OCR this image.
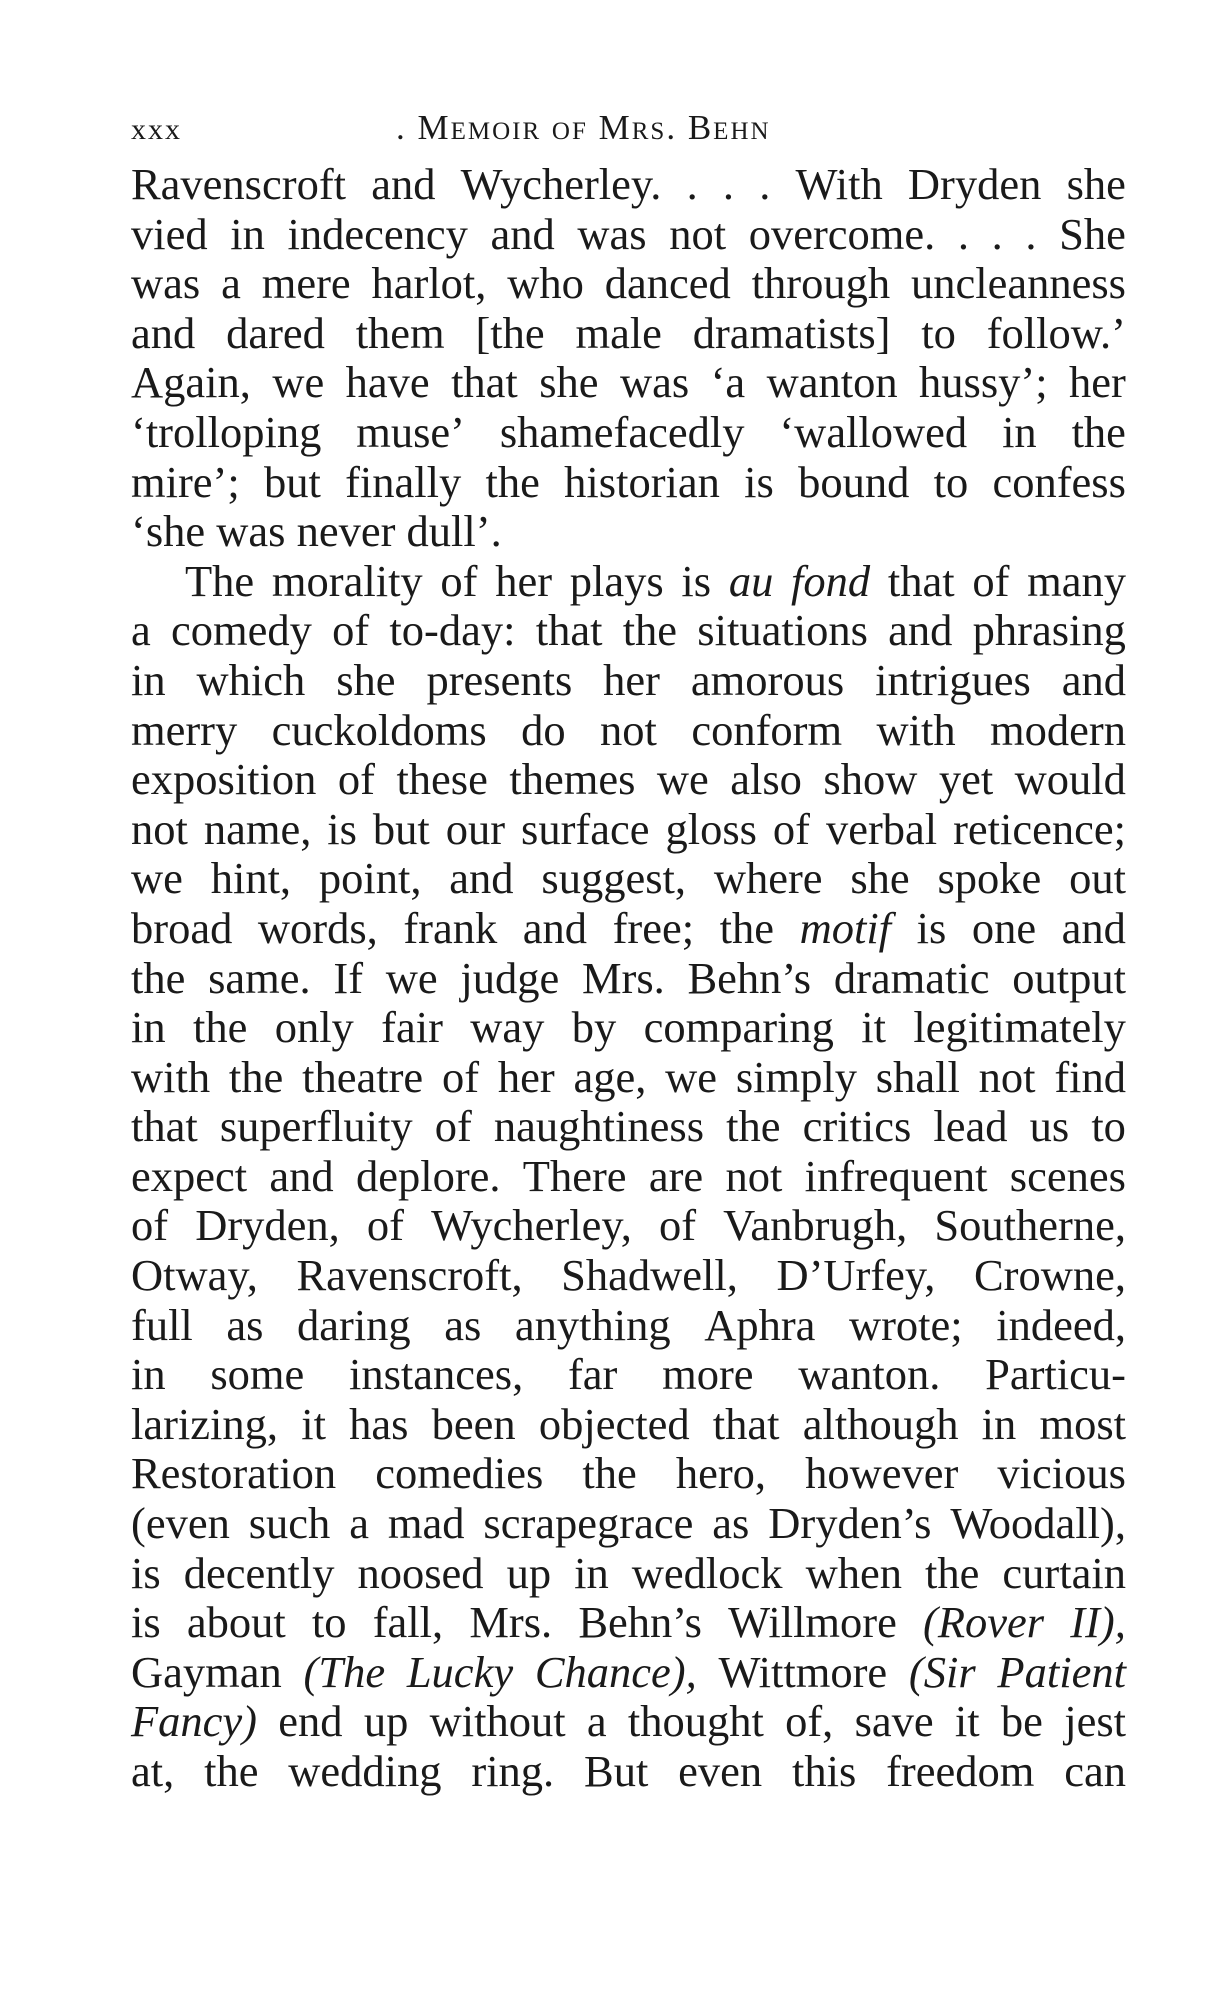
xxx	. Memoir of Mrs. Behn
Ravenscroft and Wycherley. . . . With Dryden she
vied in indecency and was not overcome. . . . She
was a mere harlot, who danced through uncleanness
and dared them [the male dramatists] to follow.’
Again, we have that she was ‘a wanton hussy’; her
‘trolloping muse’ shamefacedly ‘wallowed in the
mire’; but finally the historian is bound to confess
‘she was never dull’.
The morality of her plays is au fond that of many
a comedy of to-day: that the situations and phrasing
in which she presents her amorous intrigues and
merry cuckoldoms do not conform with modern
exposition of these themes we also show yet would
not name, is but our surface gloss of verbal reticence;
we hint, point, and suggest, where she spoke out
broad words, frank and free; the motif is one and
the same. If we judge Mrs. Behn’s dramatic output
in the only fair way by comparing it legitimately
with the theatre of her age, we simply shall not find
that superfluity of naughtiness the critics lead us to
expect and deplore. There are not infrequent scenes
of Dryden, of Wycherley, of Vanbrugh, Southerne,
Otway, Ravenscroft, Shadwell, D’Urfey, Crowne,
full as daring as anything Aphra wrote; indeed,
in some instances, far more wanton. Particu-
larizing, it has been objected that although in most
Restoration comedies the hero, however vicious
(even such a mad scrapegrace as Dryden’s Woodall),
is decently noosed up in wedlock when the curtain
is about to fall, Mrs. Behn’s Willmore (Rover II),
Gayman (The Lucky Chance), Wittmore (Sir Patient
Fancy) end up without a thought of, save it be jest
at, the wedding ring. But even this freedom can
